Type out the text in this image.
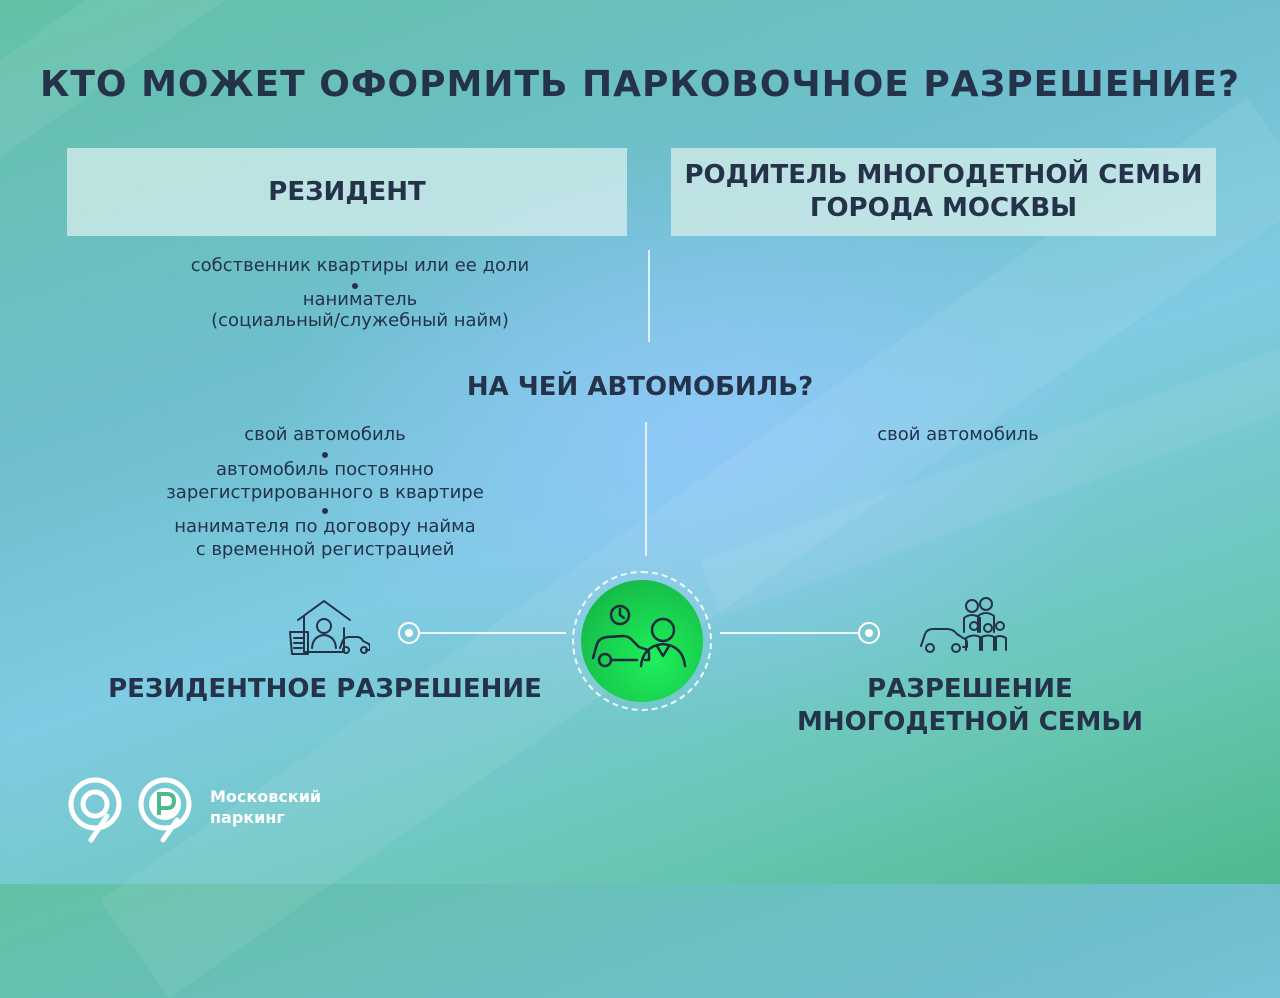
КТО МОЖЕТ ОФОРМИТЬ ПАРКОВОЧНОЕ РАЗРЕШЕНИЕ?
РЕЗИДЕНТ
РОДИТЕЛЬ МНОГОДЕТНОЙ СЕМЬИ
ГОРОДА МОСКВЫ
собственник квартиры или ее доли
наниматель
(социальный/служебный найм)
НА ЧЕЙ АВТОМОБИЛЬ?
свой автомобиль
автомобиль постоянно
зарегистрированного в квартире
нанимателя по договору найма
с временной регистрацией
свой автомобиль
РЕЗИДЕНТНОЕ РАЗРЕШЕНИЕ	РАЗРЕШЕНИЕ
МНОГОДЕТНОЙ СЕМЬИ
Московский
паркинг
